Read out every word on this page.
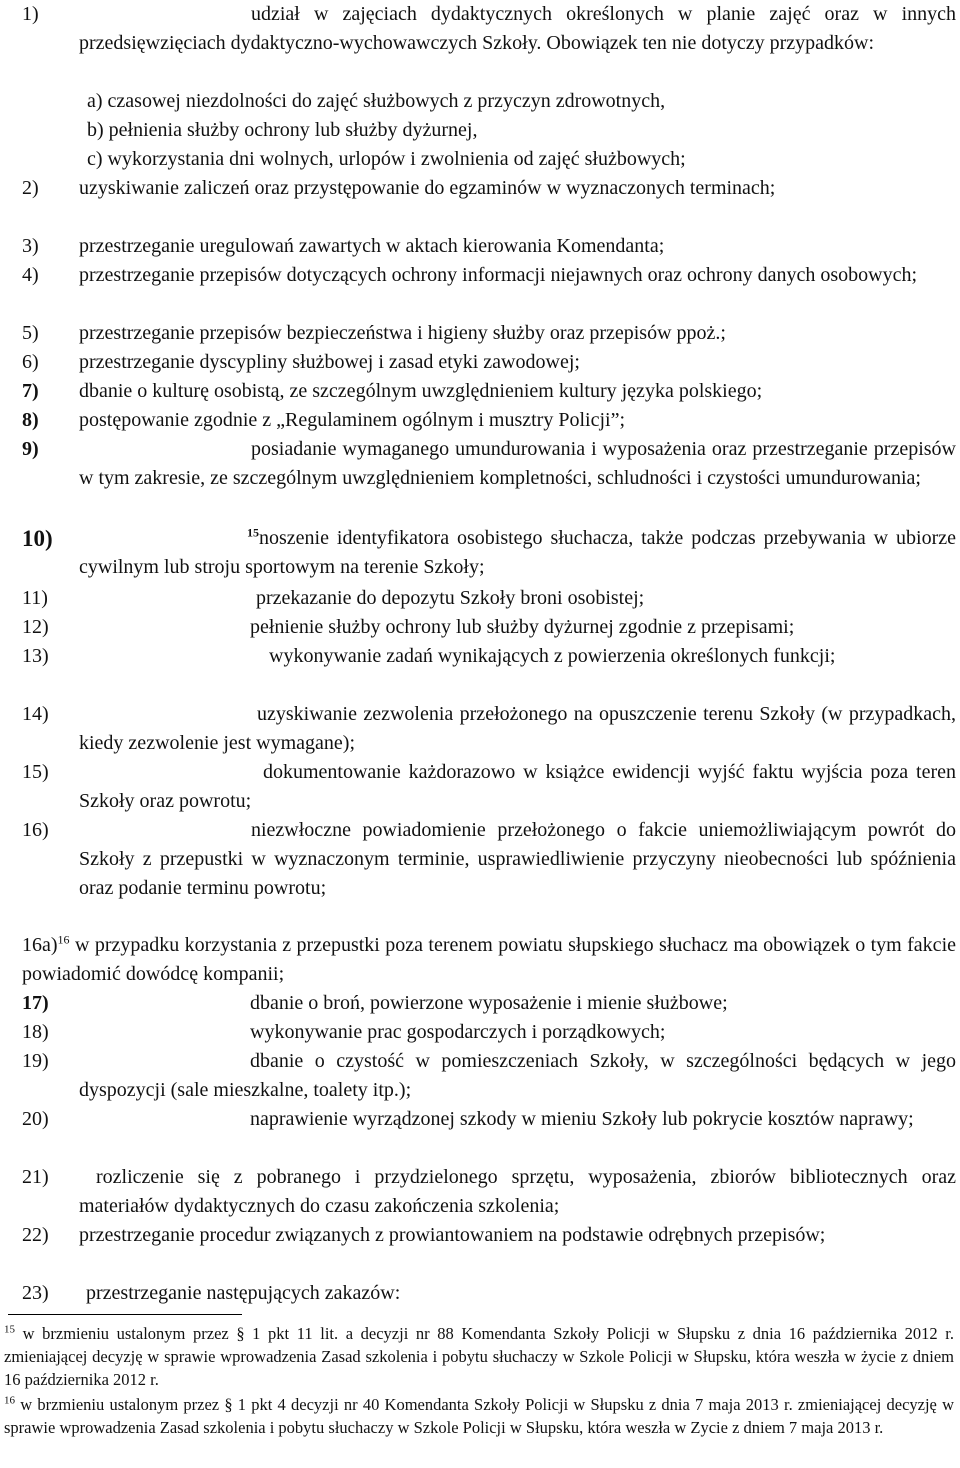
1)	udział w zajęciach dydaktycznych określonych w planie zajęć oraz w innych przedsięwzięciach dydaktyczno-wychowawczych Szkoły. Obowiązek ten nie dotyczy przypadków:
a) czasowej niezdolności do zajęć służbowych z przyczyn zdrowotnych,
b) pełnienia służby ochrony lub służby dyżurnej,
c) wykorzystania dni wolnych, urlopów i zwolnienia od zajęć służbowych;
2)	uzyskiwanie zaliczeń oraz przystępowanie do egzaminów w wyznaczonych terminach;
3)	przestrzeganie uregulowań zawartych w aktach kierowania Komendanta;
4)	przestrzeganie przepisów dotyczących ochrony informacji niejawnych oraz ochrony danych osobowych;
5)	przestrzeganie przepisów bezpieczeństwa i higieny służby oraz przepisów ppoż.;
6)	przestrzeganie dyscypliny służbowej i zasad etyki zawodowej;
7)	dbanie o kulturę osobistą, ze szczególnym uwzględnieniem kultury języka polskiego;
8)	postępowanie zgodnie z „Regulaminem ogólnym i musztry Policji”;
9)	posiadanie wymaganego umundurowania i wyposażenia oraz przestrzeganie przepisów w tym zakresie, ze szczególnym uwzględnieniem kompletności, schludności i czystości umundurowania;
10)	$^{15}$noszenie identyfikatora osobistego słuchacza, także podczas przebywania w ubiorze cywilnym lub stroju sportowym na terenie Szkoły;
11)	przekazanie do depozytu Szkoły broni osobistej;
12)	pełnienie służby ochrony lub służby dyżurnej zgodnie z przepisami;
13)	wykonywanie zadań wynikających z powierzenia określonych funkcji;
14)	uzyskiwanie zezwolenia przełożonego na opuszczenie terenu Szkoły (w przypadkach, kiedy zezwolenie jest wymagane);
15)	dokumentowanie każdorazowo w książce ewidencji wyjść faktu wyjścia poza teren Szkoły oraz powrotu;
16)	niezwłoczne powiadomienie przełożonego o fakcie uniemożliwiającym powrót do Szkoły z przepustki w wyznaczonym terminie, usprawiedliwienie przyczyny nieobecności lub spóźnienia oraz podanie terminu powrotu;
16a)$^{16}$ w przypadku korzystania z przepustki poza terenem powiatu słupskiego słuchacz ma obowiązek o tym fakcie powiadomić dowódcę kompanii;
17)	dbanie o broń, powierzone wyposażenie i mienie służbowe;
18)	wykonywanie prac gospodarczych i porządkowych;
19)	dbanie o czystość w pomieszczeniach Szkoły, w szczególności będących w jego dyspozycji (sale mieszkalne, toalety itp.);
20)	naprawienie wyrządzonej szkody w mieniu Szkoły lub pokrycie kosztów naprawy;
21)	rozliczenie się z pobranego i przydzielonego sprzętu, wyposażenia, zbiorów bibliotecznych oraz materiałów dydaktycznych do czasu zakończenia szkolenia;
22)	przestrzeganie procedur związanych z prowiantowaniem na podstawie odrębnych przepisów;
23)	przestrzeganie następujących zakazów:
$^{15}$ w brzmieniu ustalonym przez § 1 pkt 11 lit. a decyzji nr 88 Komendanta Szkoły Policji w Słupsku z dnia 16 października 2012 r. zmieniającej decyzję w sprawie wprowadzenia Zasad szkolenia i pobytu słuchaczy w Szkole Policji w Słupsku, która weszła w życie z dniem 16 października 2012 r.
$^{16}$ w brzmieniu ustalonym przez § 1 pkt 4 decyzji nr 40 Komendanta Szkoły Policji w Słupsku z dnia 7 maja 2013 r. zmieniającej decyzję w sprawie wprowadzenia Zasad szkolenia i pobytu słuchaczy w Szkole Policji w Słupsku, która weszła w Zycie z dniem 7 maja 2013 r.
